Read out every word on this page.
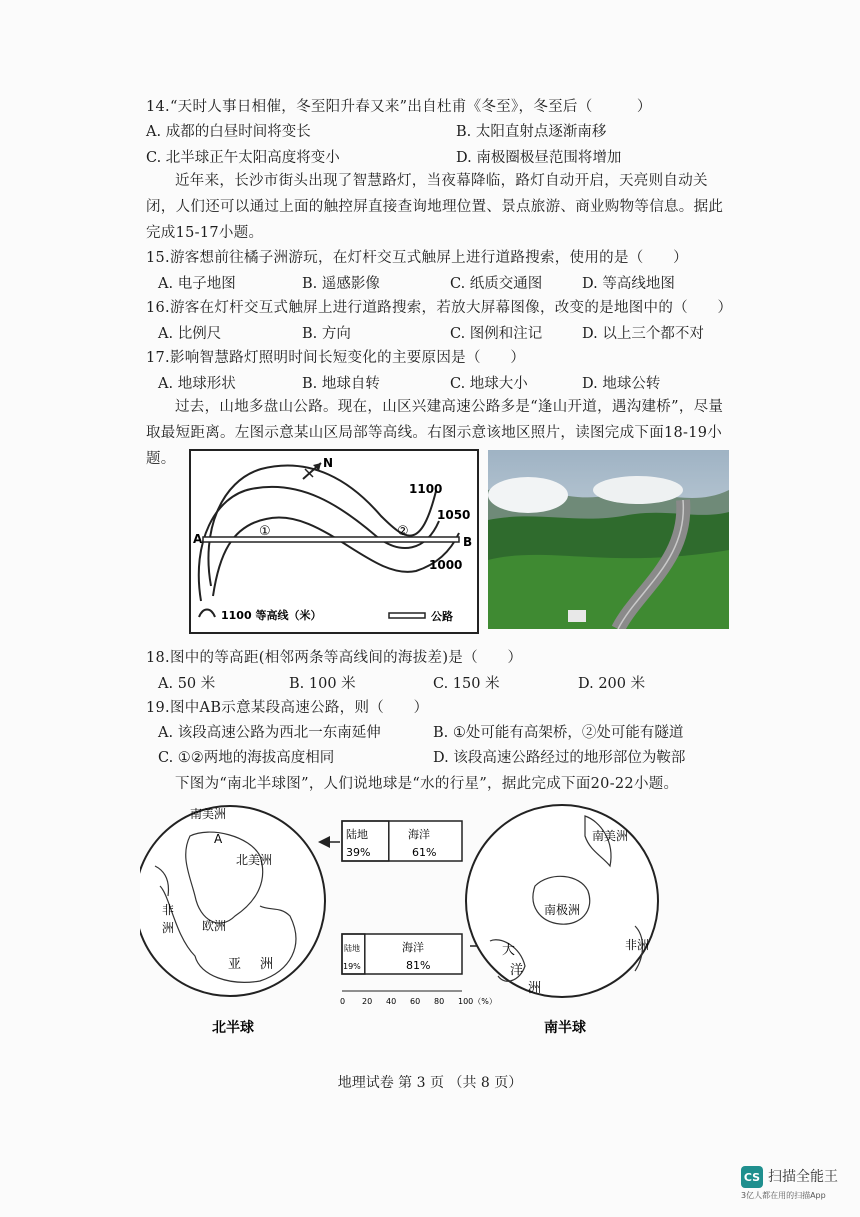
14.“天时人事日相催，冬至阳升春又来”出自杜甫《冬至》，冬至后（　　　）
A. 成都的白昼时间将变长	B. 太阳直射点逐渐南移
C. 北半球正午太阳高度将变小	D. 南极圈极昼范围将增加
近年来，长沙市街头出现了智慧路灯，当夜幕降临，路灯自动开启，天亮则自动关闭，人们还可以通过上面的触控屏直接查询地理位置、景点旅游、商业购物等信息。据此完成15-17小题。
15.游客想前往橘子洲游玩，在灯杆交互式触屏上进行道路搜索，使用的是（　　）
A. 电子地图	B. 遥感影像	C. 纸质交通图	D. 等高线地图
16.游客在灯杆交互式触屏上进行道路搜索，若放大屏幕图像，改变的是地图中的（　　）
A. 比例尺	B. 方向	C. 图例和注记	D. 以上三个都不对
17.影响智慧路灯照明时间长短变化的主要原因是（　　）
A. 地球形状	B. 地球自转	C. 地球大小	D. 地球公转
过去，山地多盘山公路。现在，山区兴建高速公路多是“逢山开道，遇沟建桥”，尽量取最短距离。左图示意某山区局部等高线。右图示意该地区照片，读图完成下面18-19小题。
A	B
①	②
1100
1050
1000
N
1100 等高线（米）	公路
18.图中的等高距(相邻两条等高线间的海拔差)是（　　）
A. 50 米	B. 100 米	C. 150 米	D. 200 米
19.图中AB示意某段高速公路，则（　　）
A. 该段高速公路为西北一东南延伸	B. ①处可能有高架桥，②处可能有隧道
C. ①②两地的海拔高度相同	D. 该段高速公路经过的地形部位为鞍部
下图为“南北半球图”，人们说地球是“水的行星”，据此完成下面20-22小题。
南美洲
A
北美洲
非
洲 欧洲
亚 洲
陆地
39%
海洋
61%
陆地
19%
海洋
81%
0 20 40 60 80 100（%）
南美洲
南极洲
非洲
大
洋
洲
北半球	南半球
地理试卷 第 3 页 （共 8 页）
CS 扫描全能王
3亿人都在用的扫描App
